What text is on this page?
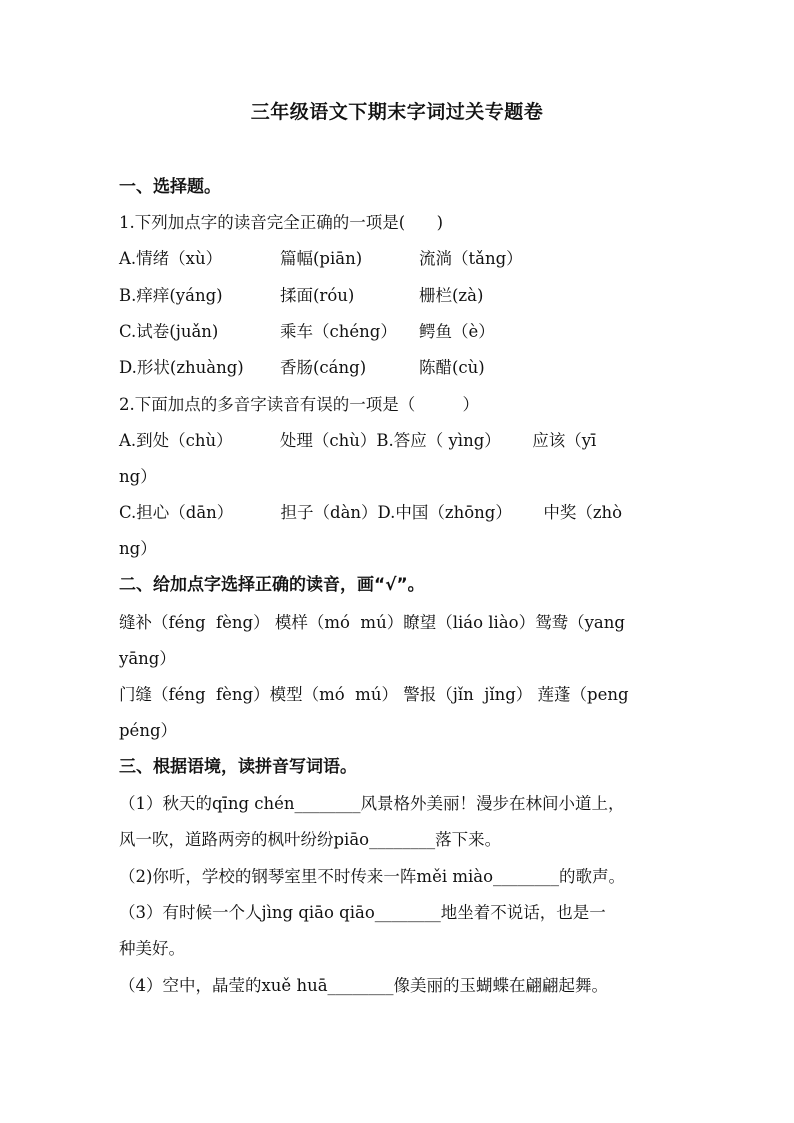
三年级语文下期末字词过关专题卷
一、选择题。
1.下列加点字的读音完全正确的一项是(      )
A.情绪（xù）	篇幅(piān)	流淌（tǎng）
B.痒痒(yáng)	揉面(róu)	栅栏(zà)
C.试卷(juǎn)	乘车（chéng） 鳄鱼（è）
D.形状(zhuàng) 香肠(cáng)	陈醋(cù)
2.下面加点的多音字读音有误的一项是（         ）
A.到处（chù）         处理（chù）B.答应（ yìng）      应该（yī
ng）
C.担心（dān）         担子（dàn）D.中国（zhōng）      中奖（zhò
ng）
二、给加点字选择正确的读音，画“√”。
缝补（féng  fèng） 模样（mó  mú）瞭望（liáo liào）鸳鸯（yang
yāng）
门缝（féng  fèng）模型（mó  mú） 警报（jǐn  jǐng） 莲蓬（peng
péng）
三、根据语境，读拼音写词语。
（1）秋天的qīng chén________风景格外美丽！漫步在林间小道上，
风一吹，道路两旁的枫叶纷纷piāo________落下来。
（2)你听，学校的钢琴室里不时传来一阵měi miào________的歌声。
（3）有时候一个人jìng qiāo qiāo________地坐着不说话，也是一
种美好。
（4）空中，晶莹的xuě huā________像美丽的玉蝴蝶在翩翩起舞。
